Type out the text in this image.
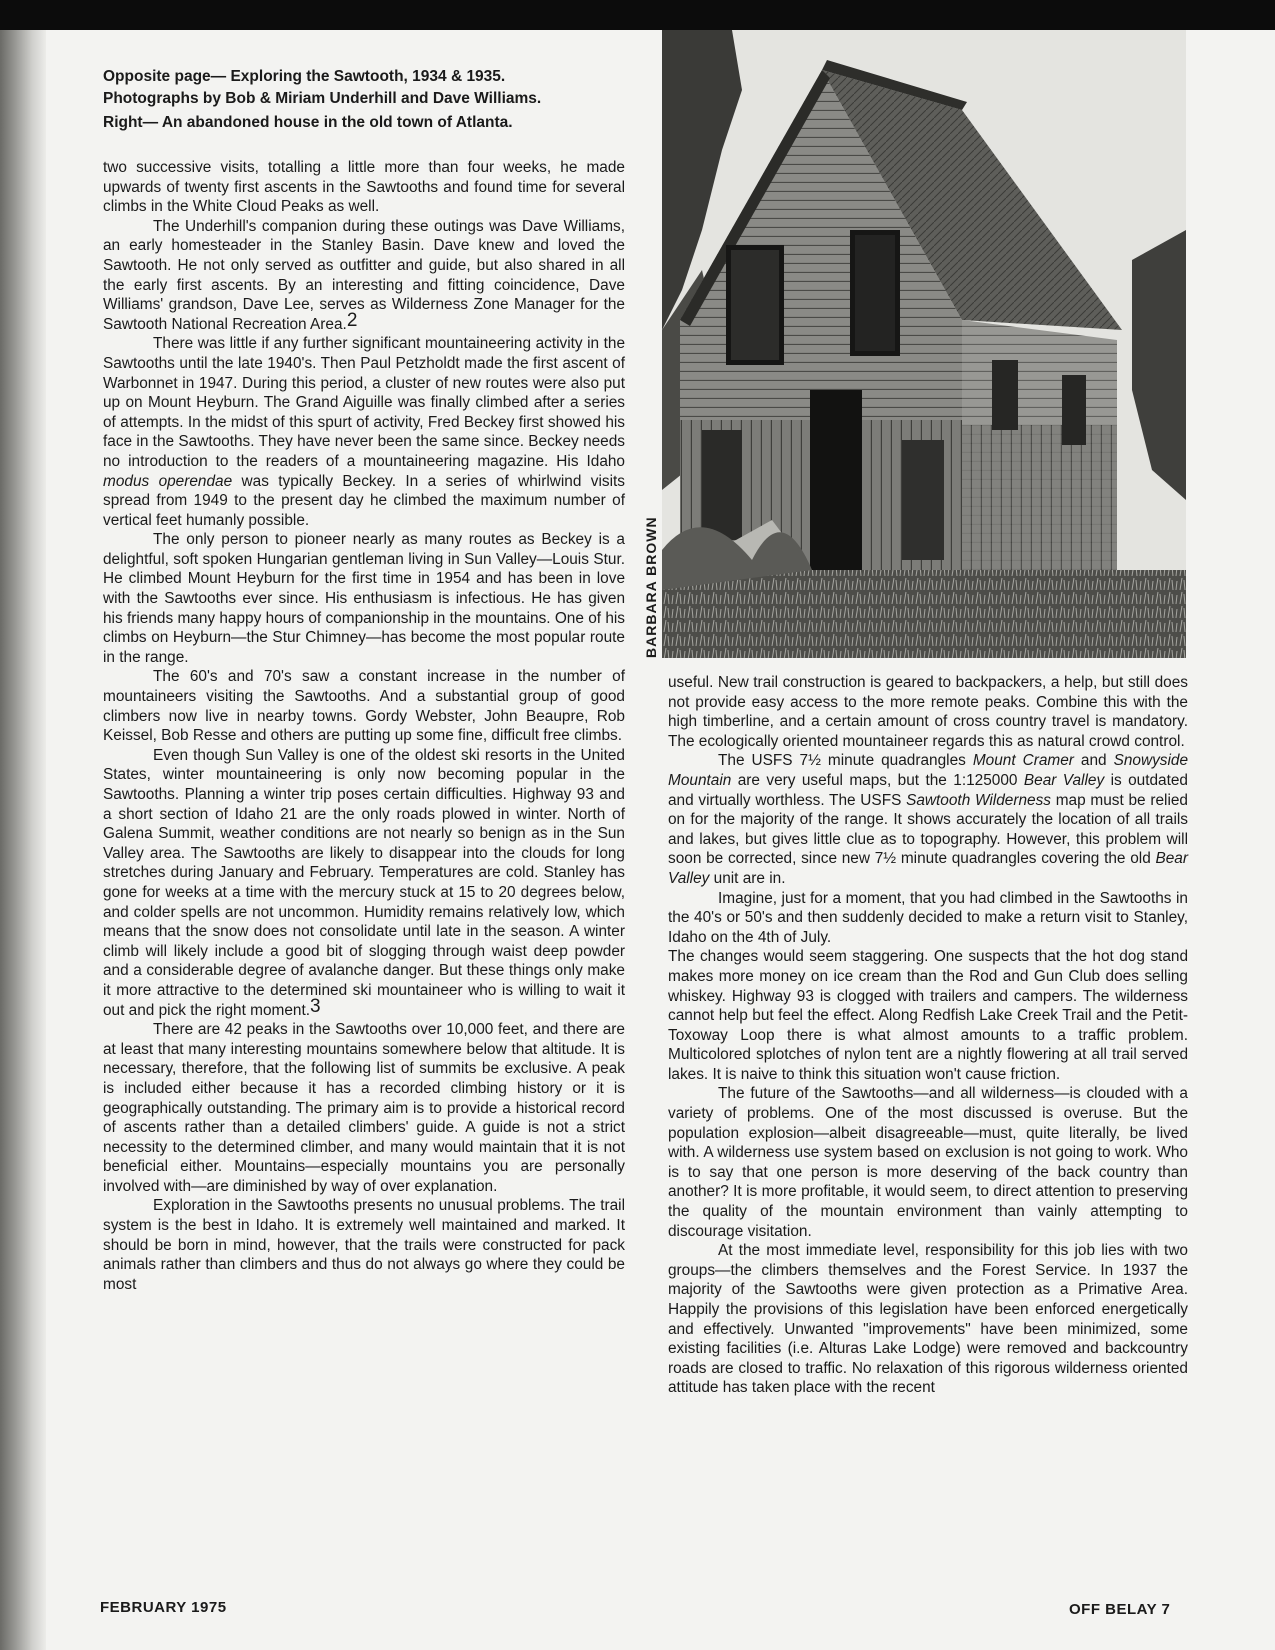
Opposite page— Exploring the Sawtooth, 1934 & 1935.
Photographs by Bob & Miriam Underhill and Dave Williams.
Right— An abandoned house in the old town of Atlanta.
BARBARA BROWN

two successive visits, totalling a little more than four weeks, he made upwards of twenty first ascents in the Sawtooths and found time for several climbs in the White Cloud Peaks as well.

The Underhill's companion during these outings was Dave Williams, an early homesteader in the Stanley Basin. Dave knew and loved the Sawtooth. He not only served as outfitter and guide, but also shared in all the early first ascents. By an interesting and fitting coincidence, Dave Williams' grandson, Dave Lee, serves as Wilderness Zone Manager for the Sawtooth National Recreation Area.2

There was little if any further significant mountaineering activity in the Sawtooths until the late 1940's. Then Paul Petzholdt made the first ascent of Warbonnet in 1947. During this period, a cluster of new routes were also put up on Mount Heyburn. The Grand Aiguille was finally climbed after a series of attempts. In the midst of this spurt of activity, Fred Beckey first showed his face in the Sawtooths. They have never been the same since. Beckey needs no introduction to the readers of a mountaineering magazine. His Idaho modus operendae was typically Beckey. In a series of whirlwind visits spread from 1949 to the present day he climbed the maximum number of vertical feet humanly possible.

The only person to pioneer nearly as many routes as Beckey is a delightful, soft spoken Hungarian gentleman living in Sun Valley—Louis Stur. He climbed Mount Heyburn for the first time in 1954 and has been in love with the Sawtooths ever since. His enthusiasm is infectious. He has given his friends many happy hours of companionship in the mountains. One of his climbs on Heyburn—the Stur Chimney—has become the most popular route in the range.

The 60's and 70's saw a constant increase in the number of mountaineers visiting the Sawtooths. And a substantial group of good climbers now live in nearby towns. Gordy Webster, John Beaupre, Rob Keissel, Bob Resse and others are putting up some fine, difficult free climbs.

Even though Sun Valley is one of the oldest ski resorts in the United States, winter mountaineering is only now becoming popular in the Sawtooths. Planning a winter trip poses certain difficulties. Highway 93 and a short section of Idaho 21 are the only roads plowed in winter. North of Galena Summit, weather conditions are not nearly so benign as in the Sun Valley area. The Sawtooths are likely to disappear into the clouds for long stretches during January and February. Temperatures are cold. Stanley has gone for weeks at a time with the mercury stuck at 15 to 20 degrees below, and colder spells are not uncommon. Humidity remains relatively low, which means that the snow does not consolidate until late in the season. A winter climb will likely include a good bit of slogging through waist deep powder and a considerable degree of avalanche danger. But these things only make it more attractive to the determined ski mountaineer who is willing to wait it out and pick the right moment.3

There are 42 peaks in the Sawtooths over 10,000 feet, and there are at least that many interesting mountains somewhere below that altitude. It is necessary, therefore, that the following list of summits be exclusive. A peak is included either because it has a recorded climbing history or it is geographically outstanding. The primary aim is to provide a historical record of ascents rather than a detailed climbers' guide. A guide is not a strict necessity to the determined climber, and many would maintain that it is not beneficial either. Mountains—especially mountains you are personally involved with—are diminished by way of over explanation.

Exploration in the Sawtooths presents no unusual problems. The trail system is the best in Idaho. It is extremely well maintained and marked. It should be born in mind, however, that the trails were constructed for pack animals rather than climbers and thus do not always go where they could be most

useful. New trail construction is geared to backpackers, a help, but still does not provide easy access to the more remote peaks. Combine this with the high timberline, and a certain amount of cross country travel is mandatory. The ecologically oriented mountaineer regards this as natural crowd control.

The USFS 7½ minute quadrangles Mount Cramer and Snowyside Mountain are very useful maps, but the 1:125000 Bear Valley is outdated and virtually worthless. The USFS Sawtooth Wilderness map must be relied on for the majority of the range. It shows accurately the location of all trails and lakes, but gives little clue as to topography. However, this problem will soon be corrected, since new 7½ minute quadrangles covering the old Bear Valley unit are in.

Imagine, just for a moment, that you had climbed in the Sawtooths in the 40's or 50's and then suddenly decided to make a return visit to Stanley, Idaho on the 4th of July.

The changes would seem staggering. One suspects that the hot dog stand makes more money on ice cream than the Rod and Gun Club does selling whiskey. Highway 93 is clogged with trailers and campers. The wilderness cannot help but feel the effect. Along Redfish Lake Creek Trail and the Petit-Toxoway Loop there is what almost amounts to a traffic problem. Multicolored splotches of nylon tent are a nightly flowering at all trail served lakes. It is naive to think this situation won't cause friction.

The future of the Sawtooths—and all wilderness—is clouded with a variety of problems. One of the most discussed is overuse. But the population explosion—albeit disagreeable—must, quite literally, be lived with. A wilderness use system based on exclusion is not going to work. Who is to say that one person is more deserving of the back country than another? It is more profitable, it would seem, to direct attention to preserving the quality of the mountain environment than vainly attempting to discourage visitation.

At the most immediate level, responsibility for this job lies with two groups—the climbers themselves and the Forest Service. In 1937 the majority of the Sawtooths were given protection as a Primative Area. Happily the provisions of this legislation have been enforced energetically and effectively. Unwanted "improvements" have been minimized, some existing facilities (i.e. Alturas Lake Lodge) were removed and backcountry roads are closed to traffic. No relaxation of this rigorous wilderness oriented attitude has taken place with the recent

FEBRUARY 1975	OFF BELAY 7
